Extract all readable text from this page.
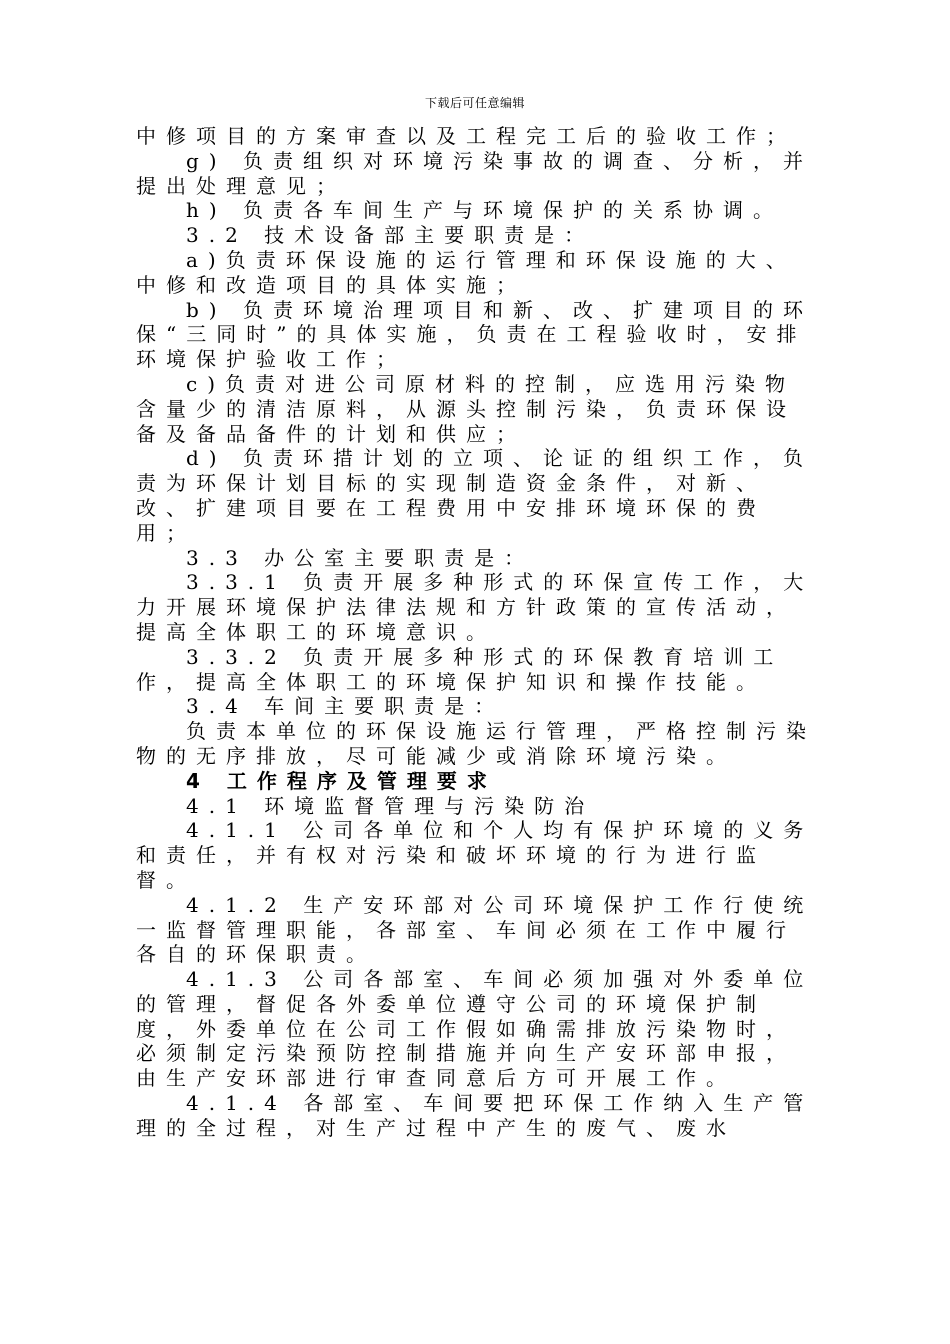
下载后可任意编辑

中修项目的方案审查以及工程完工后的验收工作；

g) 负责组织对环境污染事故的调查、分析，并提出处理意见；

h) 负责各车间生产与环境保护的关系协调。

3.2 技术设备部主要职责是：

a)负责环保设施的运行管理和环保设施的大、中修和改造项目的具体实施；

b) 负责环境治理项目和新、改、扩建项目的环保“三同时”的具体实施，负责在工程验收时，安排环境保护验收工作；

c)负责对进公司原材料的控制，应选用污染物含量少的清洁原料，从源头控制污染，负责环保设备及备品备件的计划和供应；

d) 负责环措计划的立项、论证的组织工作，负责为环保计划目标的实现制造资金条件，对新、改、扩建项目要在工程费用中安排环境环保的费用；

3.3 办公室主要职责是：

3.3.1 负责开展多种形式的环保宣传工作，大力开展环境保护法律法规和方针政策的宣传活动，提高全体职工的环境意识。

3.3.2 负责开展多种形式的环保教育培训工作，提高全体职工的环境保护知识和操作技能。

3.4 车间主要职责是：

负责本单位的环保设施运行管理，严格控制污染物的无序排放，尽可能减少或消除环境污染。

4 工作程序及管理要求

4.1 环境监督管理与污染防治

4.1.1 公司各单位和个人均有保护环境的义务和责任，并有权对污染和破坏环境的行为进行监督。

4.1.2 生产安环部对公司环境保护工作行使统一监督管理职能，各部室、车间必须在工作中履行各自的环保职责。

4.1.3 公司各部室、车间必须加强对外委单位的管理，督促各外委单位遵守公司的环境保护制度，外委单位在公司工作假如确需排放污染物时，必须制定污染预防控制措施并向生产安环部申报，由生产安环部进行审查同意后方可开展工作。

4.1.4 各部室、车间要把环保工作纳入生产管理的全过程，对生产过程中产生的废气、废水
